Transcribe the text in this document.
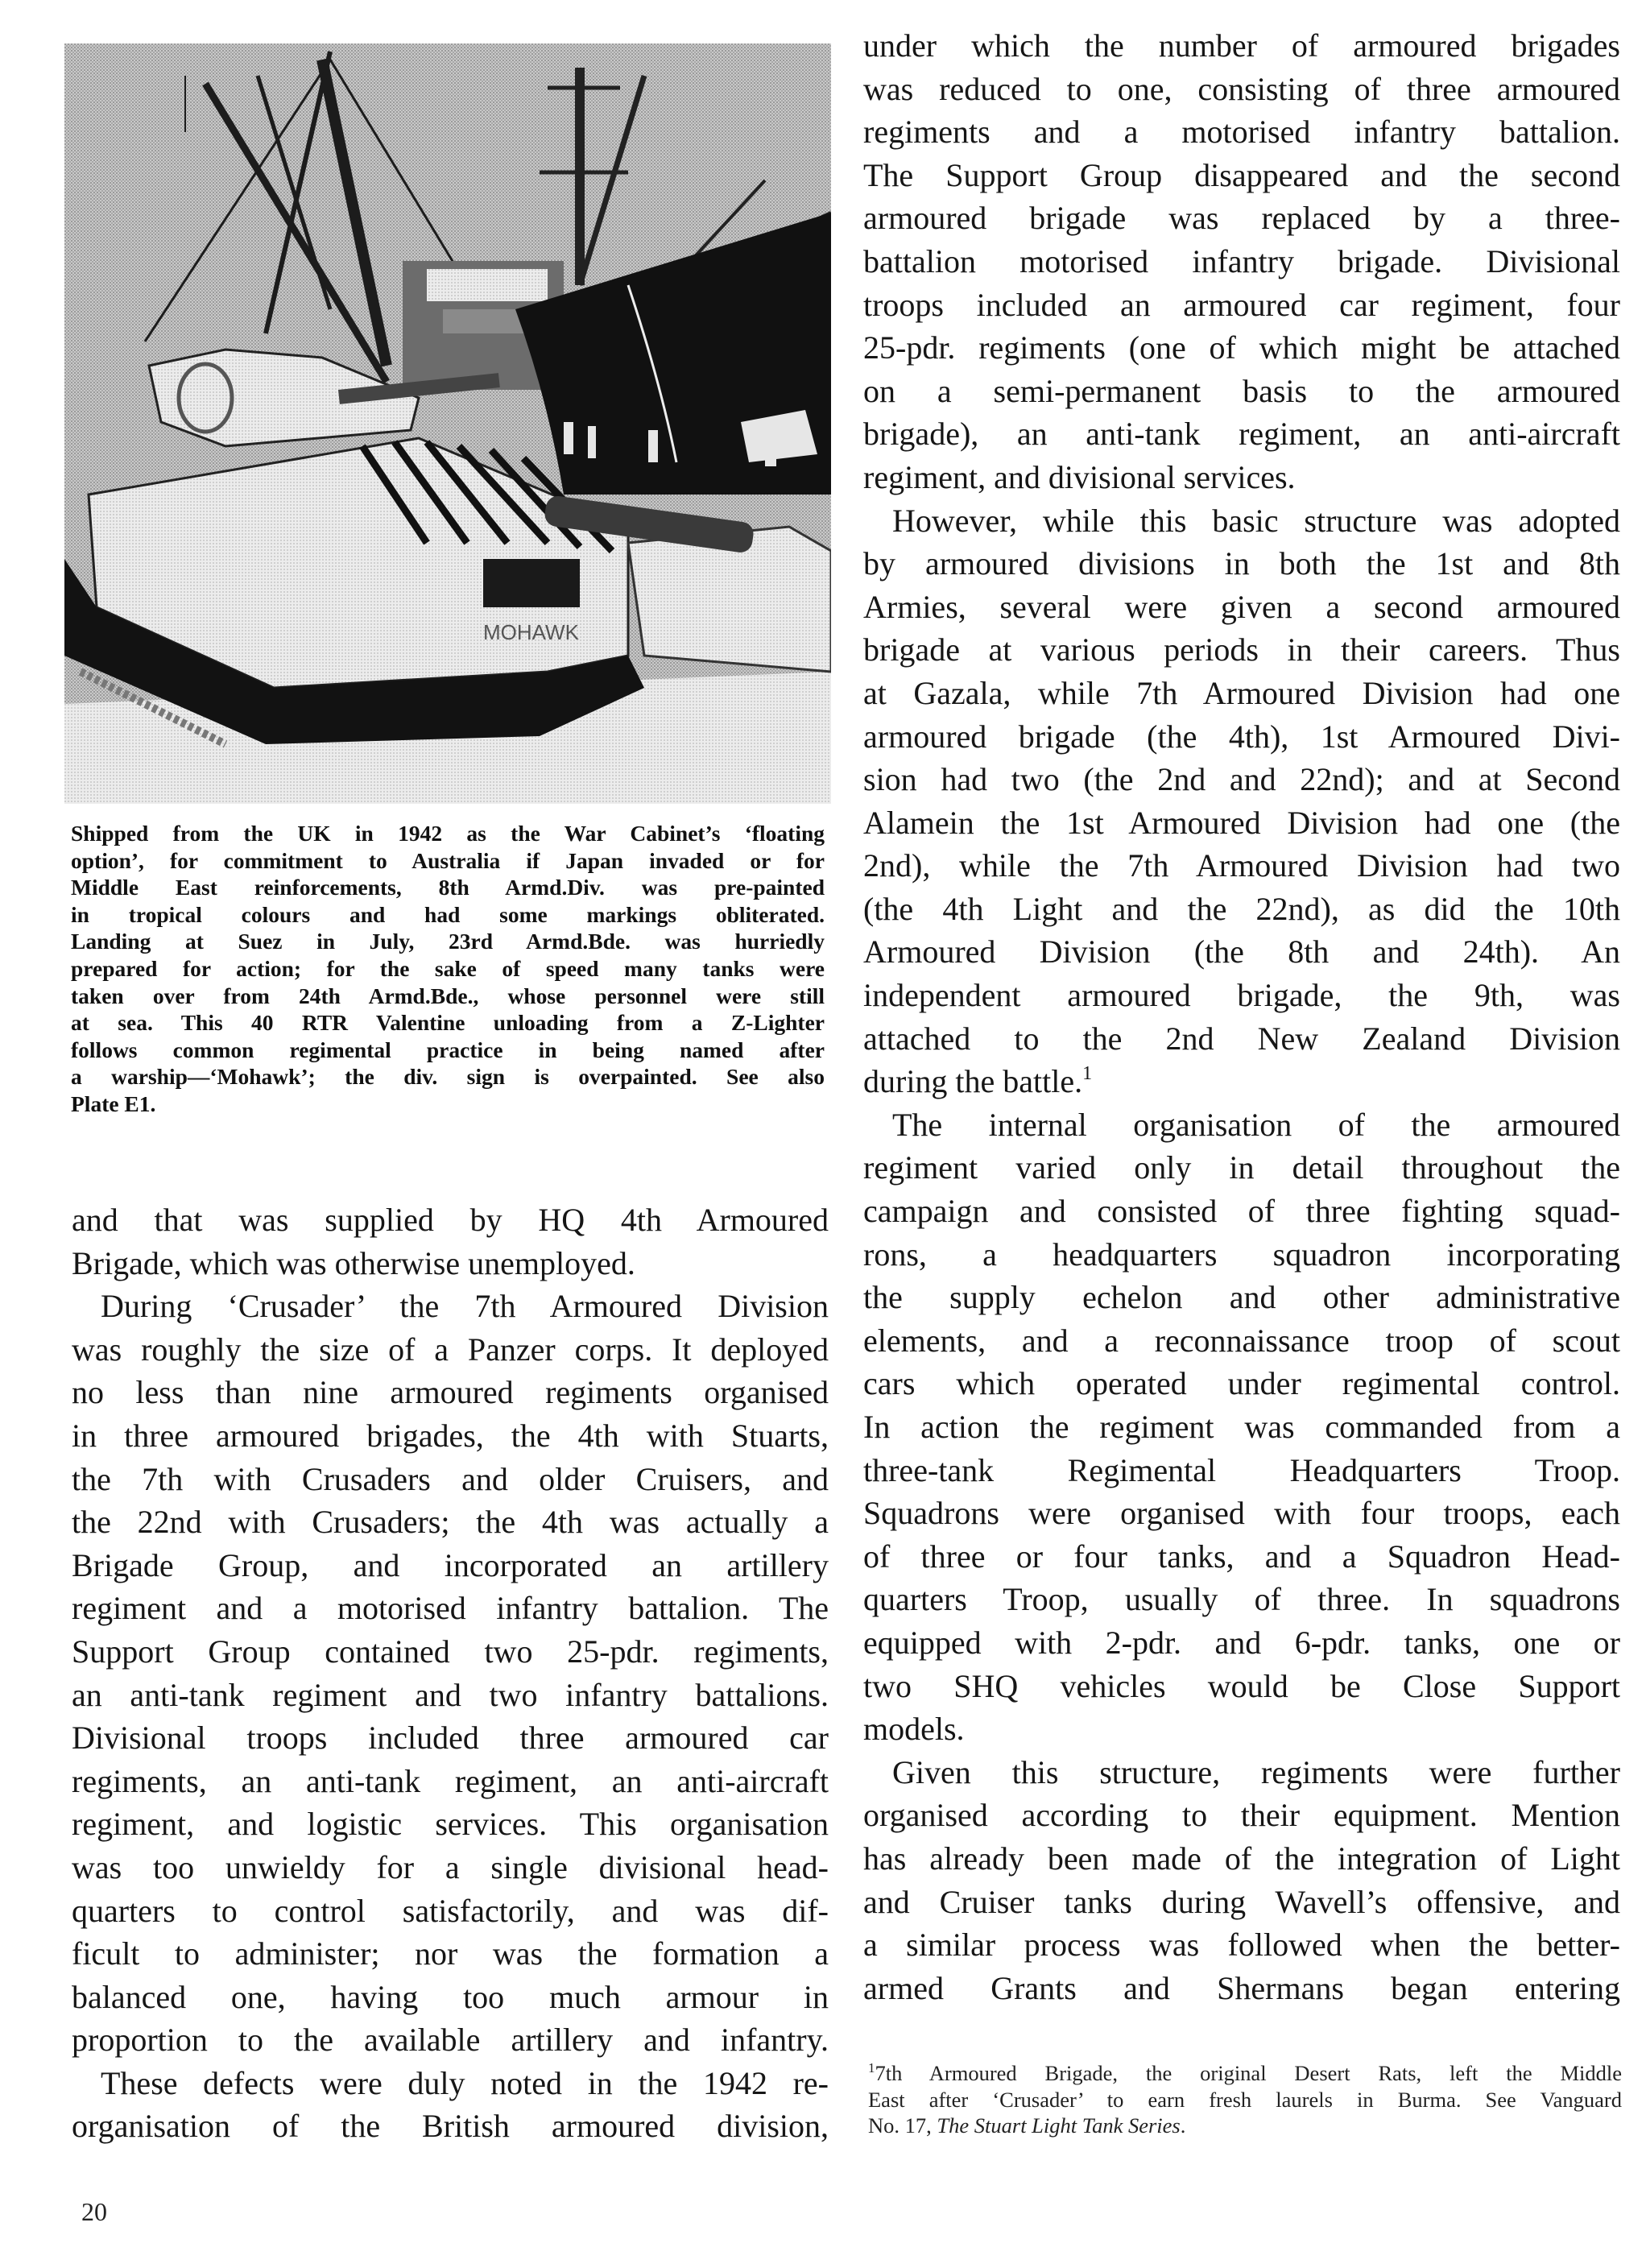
MOHAWK
Shipped from the UK in 1942 as the War Cabinet’s ‘floating
option’, for commitment to Australia if Japan invaded or for
Middle East reinforcements, 8th Armd.Div. was pre-painted
in tropical colours and had some markings obliterated.
Landing at Suez in July, 23rd Armd.Bde. was hurriedly
prepared for action; for the sake of speed many tanks were
taken over from 24th Armd.Bde., whose personnel were still
at sea. This 40 RTR Valentine unloading from a Z-Lighter
follows common regimental practice in being named after
a warship—‘Mohawk’; the div. sign is overpainted. See also
Plate E1.
and that was supplied by HQ 4th Armoured
Brigade, which was otherwise unemployed.
During ‘Crusader’ the 7th Armoured Division
was roughly the size of a Panzer corps. It deployed
no less than nine armoured regiments organised
in three armoured brigades, the 4th with Stuarts,
the 7th with Crusaders and older Cruisers, and
the 22nd with Crusaders; the 4th was actually a
Brigade Group, and incorporated an artillery
regiment and a motorised infantry battalion. The
Support Group contained two 25-pdr. regiments,
an anti-tank regiment and two infantry battalions.
Divisional troops included three armoured car
regiments, an anti-tank regiment, an anti-aircraft
regiment, and logistic services. This organisation
was too unwieldy for a single divisional head-
quarters to control satisfactorily, and was dif-
ficult to administer; nor was the formation a
balanced one, having too much armour in
proportion to the available artillery and infantry.
These defects were duly noted in the 1942 re-
organisation of the British armoured division,
under which the number of armoured brigades
was reduced to one, consisting of three armoured
regiments and a motorised infantry battalion.
The Support Group disappeared and the second
armoured brigade was replaced by a three-
battalion motorised infantry brigade. Divisional
troops included an armoured car regiment, four
25-pdr. regiments (one of which might be attached
on a semi-permanent basis to the armoured
brigade), an anti-tank regiment, an anti-aircraft
regiment, and divisional services.
However, while this basic structure was adopted
by armoured divisions in both the 1st and 8th
Armies, several were given a second armoured
brigade at various periods in their careers. Thus
at Gazala, while 7th Armoured Division had one
armoured brigade (the 4th), 1st Armoured Divi-
sion had two (the 2nd and 22nd); and at Second
Alamein the 1st Armoured Division had one (the
2nd), while the 7th Armoured Division had two
(the 4th Light and the 22nd), as did the 10th
Armoured Division (the 8th and 24th). An
independent armoured brigade, the 9th, was
attached to the 2nd New Zealand Division
during the battle.$^1$
The internal organisation of the armoured
regiment varied only in detail throughout the
campaign and consisted of three fighting squad-
rons, a headquarters squadron incorporating
the supply echelon and other administrative
elements, and a reconnaissance troop of scout
cars which operated under regimental control.
In action the regiment was commanded from a
three-tank Regimental Headquarters Troop.
Squadrons were organised with four troops, each
of three or four tanks, and a Squadron Head-
quarters Troop, usually of three. In squadrons
equipped with 2-pdr. and 6-pdr. tanks, one or
two SHQ vehicles would be Close Support
models.
Given this structure, regiments were further
organised according to their equipment. Mention
has already been made of the integration of Light
and Cruiser tanks during Wavell’s offensive, and
a similar process was followed when the better-
armed Grants and Shermans began entering
$^1$7th Armoured Brigade, the original Desert Rats, left the Middle
East after ‘Crusader’ to earn fresh laurels in Burma. See Vanguard
No. 17, The Stuart Light Tank Series.
20
